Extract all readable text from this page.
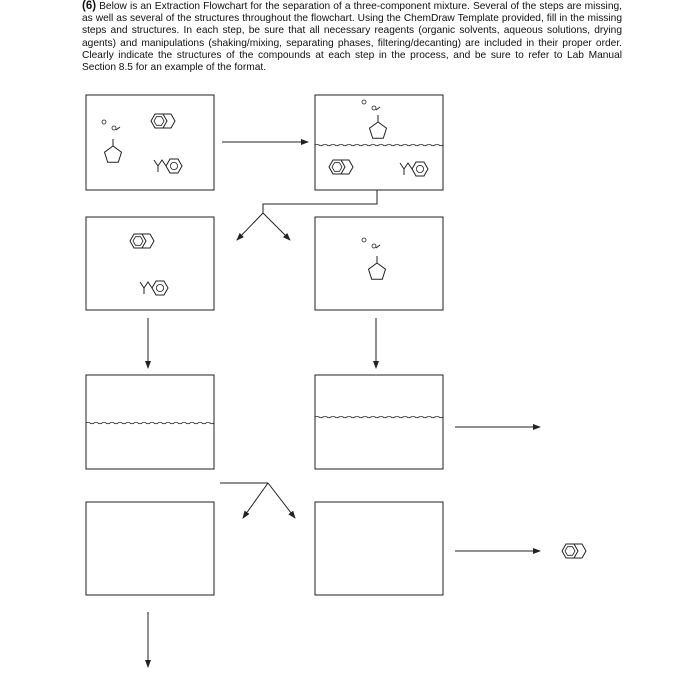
(6) Below is an Extraction Flowchart for the separation of a three-component mixture. Several of the steps are missing, as well as several of the structures throughout the flowchart. Using the ChemDraw Template provided, fill in the missing steps and structures. In each step, be sure that all necessary reagents (organic solvents, aqueous solutions, drying agents) and manipulations (shaking/mixing, separating phases, filtering/decanting) are included in their proper order. Clearly indicate the structures of the compounds at each step in the process, and be sure to refer to Lab Manual Section 8.5 for an example of the format.
